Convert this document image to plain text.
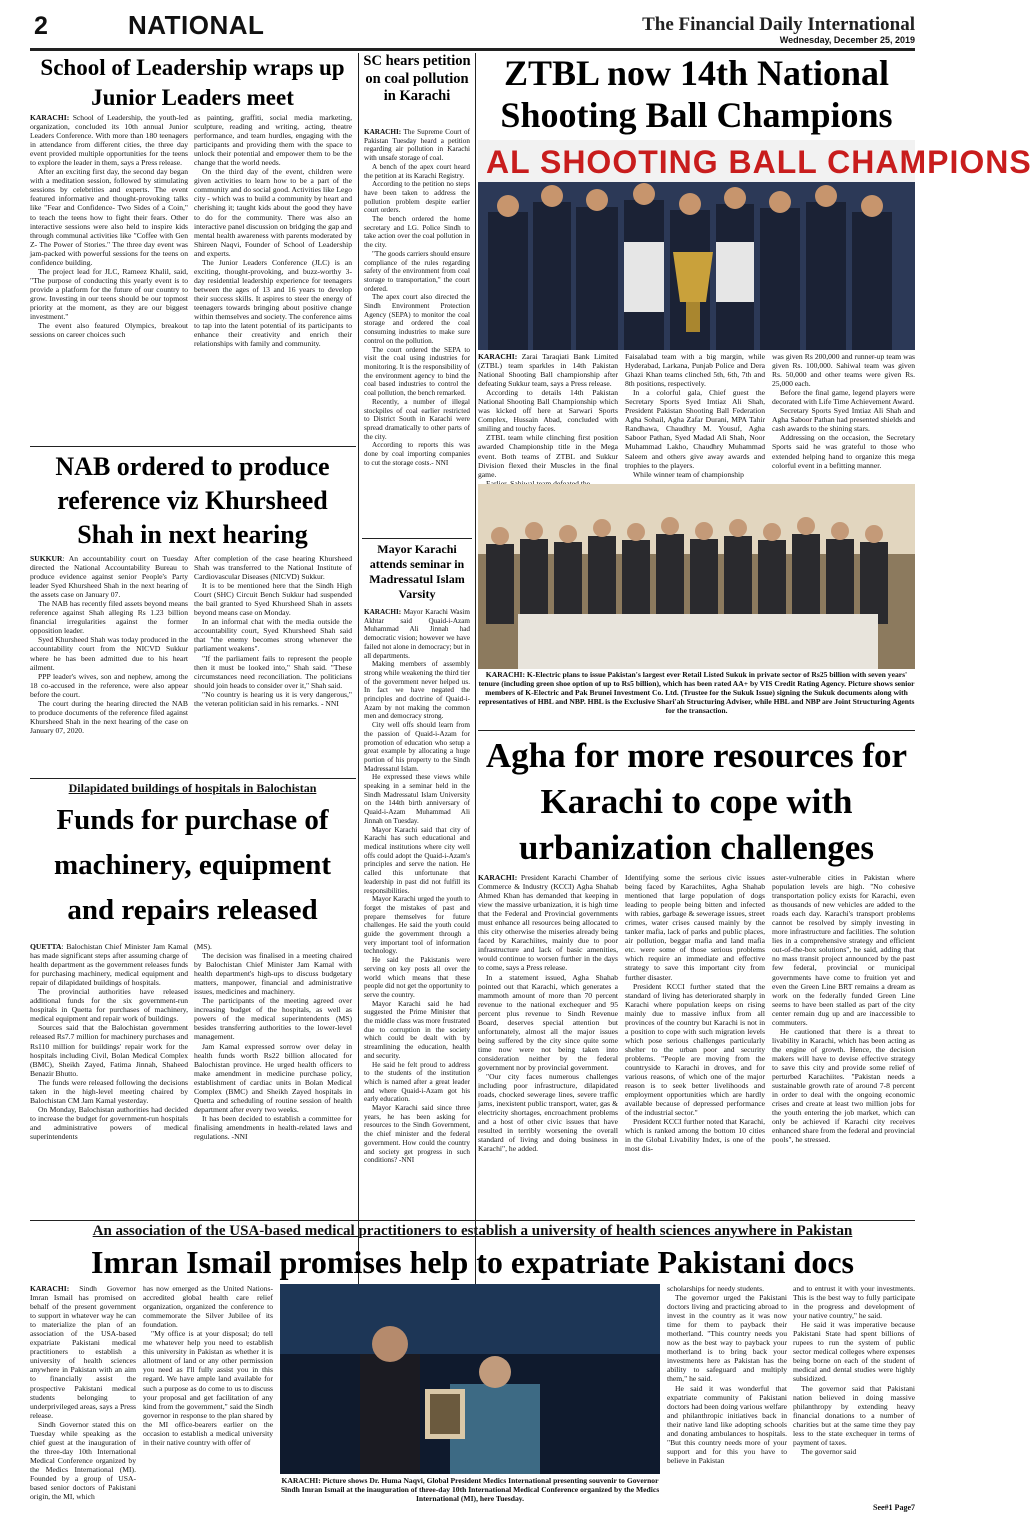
2	NATIONAL	The Financial Daily International
Wednesday, December 25, 2019
School of Leadership wraps up Junior Leaders meet
KARACHI: School of Leadership, the youth-led organization, concluded its 10th annual Junior Leaders Conference. With more than 180 teenagers in attendance from different cities, the three day event provided multiple opportunities for the teens to explore the leader in them, says a Press release.

After an exciting first day, the second day began with a meditation session, followed by stimulating sessions by celebrities and experts. The event featured informative and thought-provoking talks like "Fear and Confidence- Two Sides of a Coin," to teach the teens how to fight their fears. Other interactive sessions were also held to inspire kids through communal activities like "Coffee with Gen Z- The Power of Stories." The three day event was jam-packed with powerful sessions for the teens on confidence building.

The project lead for JLC, Rameez Khalil, said, "The purpose of conducting this yearly event is to provide a platform for the future of our country to grow. Investing in our teens should be our topmost priority at the moment, as they are our biggest investment."

The event also featured Olympics, breakout sessions on career choices such

as painting, graffiti, social media marketing, sculpture, reading and writing, acting, theatre performance, and team hurdles, engaging with the participants and providing them with the space to unlock their potential and empower them to be the change that the world needs.

On the third day of the event, children were given activities to learn how to be a part of the community and do social good. Activities like Lego city - which was to build a community by heart and cherishing it; taught kids about the good they have to do for the community. There was also an interactive panel discussion on bridging the gap and mental health awareness with parents moderated by Shireen Naqvi, Founder of School of Leadership and experts.

The Junior Leaders Conference (JLC) is an exciting, thought-provoking, and buzz-worthy 3-day residential leadership experience for teenagers between the ages of 13 and 16 years to develop their success skills. It aspires to steer the energy of teenagers towards bringing about positive change within themselves and society. The conference aims to tap into the latent potential of its participants to enhance their creativity and enrich their relationships with family and community.

SC hears petition on coal pollution in Karachi
KARACHI: The Supreme Court of Pakistan Tuesday heard a petition regarding air pollution in Karachi with unsafe storage of coal.

A bench of the apex court heard the petition at its Karachi Registry.

According to the petition no steps have been taken to address the pollution problem despite earlier court orders.

The bench ordered the home secretary and I.G. Police Sindh to take action over the coal pollution in the city.

"The goods carriers should ensure compliance of the rules regarding safety of the environment from coal storage to transportation," the court ordered.

The apex court also directed the Sindh Environment Protection Agency (SEPA) to monitor the coal storage and ordered the coal consuming industries to make sure control on the pollution.

The court ordered the SEPA to visit the coal using industries for monitoring. It is the responsibility of the environment agency to bind the coal based industries to control the coal pollution, the bench remarked.

Recently, a number of illegal stockpiles of coal earlier restricted to District South in Karachi were spread dramatically to other parts of the city.

According to reports this was done by coal importing companies to cut the storage costs.- NNI

Mayor Karachi attends seminar in Madressatul Islam Varsity
KARACHI: Mayor Karachi Wasim Akhtar said Quaid-i-Azam Muhammad Ali Jinnah had democratic vision; however we have failed not alone in democracy; but in all departments.

Making members of assembly strong while weakening the third tier of the government never helped us. In fact we have negated the principles and doctrine of Quaid-i-Azam by not making the common men and democracy strong.

City well offs should learn from the passion of Quaid-i-Azam for promotion of education who setup a great example by allocating a huge portion of his property to the Sindh Madressatul Islam.

He expressed these views while speaking in a seminar held in the Sindh Madressatul Islam University on the 144th birth anniversary of Quaid-i-Azam Muhammad Ali Jinnah on Tuesday.

Mayor Karachi said that city of Karachi has such educational and medical institutions where city well offs could adopt the Quaid-i-Azam's principles and serve the nation. He called this unfortunate that leadership in past did not fulfill its responsibilities.

Mayor Karachi urged the youth to forget the mistakes of past and prepare themselves for future challenges. He said the youth could guide the government through a very important tool of information technology.

He said the Pakistanis were serving on key posts all over the world which means that these people did not get the opportunity to serve the country.

Mayor Karachi said he had suggested the Prime Minister that the middle class was more frustrated due to corruption in the society which could be dealt with by streamlining the education, health and security.

He said he felt proud to address to the students of the institution which is named after a great leader and where Quaid-i-Azam got his early education.

Mayor Karachi said since three years, he has been asking for resources to the Sindh Government, the chief minister and the federal government. How could the country and society get progress in such conditions? -NNI

ZTBL now 14th National Shooting Ball Champions
AL SHOOTING BALL CHAMPIONS
KARACHI: Zarai Taraqiati Bank Limited (ZTBL) team sparkles in 14th Pakistan National Shooting Ball championship after defeating Sukkur team, says a Press release.

According to details 14th Pakistan National Shooting Ball Championship which was kicked off here at Sarwari Sports Complex, Hussain Abad, concluded with smiling and touchy faces.

ZTBL team while clinching first position awarded Championship title in the Mega event. Both teams of ZTBL and Sukkur Division flexed their Muscles in the final game.

Faisalabad team with a big margin, while Hyderabad, Larkana, Punjab Police and Dera Ghazi Khan teams clinched 5th, 6th, 7th and 8th positions, respectively.

In a colorful gala, Chief guest the Secretary Sports Syed Imtiaz Ali Shah, President Pakistan Shooting Ball Federation Agha Sohail, Agha Zafar Durani, MPA Tahir Randhawa, Chaudhry M. Yousuf, Agha Saboor Pathan, Syed Madad Ali Shah, Noor Muhammad Lakho, Chaudhry Muhammad Saleem and others give away awards and trophies to the players.

While winner team of championship

was given Rs 200,000 and runner-up team was given Rs. 100,000. Sahiwal team was given Rs. 50,000 and other teams were given Rs. 25,000 each.

Before the final game, legend players were decorated with Life Time Achievement Award.

Secretary Sports Syed Imtiaz Ali Shah and Agha Saboor Pathan had presented shields and cash awards to the shining stars.

Addressing on the occasion, the Secretary Sports said he was grateful to those who extended helping hand to organize this mega colorful event in a befitting manner.

KARACHI: K-Electric plans to issue Pakistan's largest ever Retail Listed Sukuk in private sector of Rs25 billion with seven years' tenure (including green shoe option of up to Rs5 billion), which has been rated AA+ by VIS Credit Rating Agency. Picture shows senior members of K-Electric and Pak Brunei Investment Co. Ltd. (Trustee for the Sukuk Issue) signing the Sukuk documents along with representatives of HBL and NBP. HBL is the Exclusive Shari'ah Structuring Adviser, while HBL and NBP are Joint Structuring Agents for the transaction.
Agha for more resources for Karachi to cope with urbanization challenges
KARACHI: President Karachi Chamber of Commerce & Industry (KCCI) Agha Shahab Ahmed Khan has demanded that keeping in view the massive urbanization, it is high time that the Federal and Provincial governments must enhance all resources being allocated to this city otherwise the miseries already being faced by Karachiites, mainly due to poor infrastructure and lack of basic amenities, would continue to worsen further in the days to come, says a Press release.

In a statement issued, Agha Shahab pointed out that Karachi, which generates a mammoth amount of more than 70 percent revenue to the national exchequer and 95 percent plus revenue to Sindh Revenue Board, deserves special attention but unfortunately, almost all the major issues being suffered by the city since quite some time now were not being taken into consideration neither by the federal government nor by provincial government.

"Our city faces numerous challenges including poor infrastructure, dilapidated roads, chocked sewerage lines, severe traffic jams, inexistent public transport, water, gas & electricity shortages, encroachment problems and a host of other civic issues that have resulted in terribly worsening the overall standard of living and doing business in Karachi", he added.

Identifying some the serious civic issues being faced by Karachiites, Agha Shahab mentioned that large population of dogs leading to people being bitten and infected with rabies, garbage & sewerage issues, street crimes, water crises caused mainly by the tanker mafia, lack of parks and public places, air pollution, beggar mafia and land mafia etc. were some of those serious problems which require an immediate and effective strategy to save this important city from further disaster.

President KCCI further stated that the standard of living has deteriorated sharply in Karachi where population keeps on rising mainly due to massive influx from all provinces of the country but Karachi is not in a position to cope with such migration levels which pose serious challenges particularly shelter to the urban poor and security problems. "People are moving from the countryside to Karachi in droves, and for various reasons, of which one of the major reason is to seek better livelihoods and employment opportunities which are hardly available because of depressed performance of the industrial sector."

President KCCI further noted that Karachi, which is ranked among the bottom 10 cities in the Global Livability Index, is one of the most dis-

aster-vulnerable cities in Pakistan where population levels are high. "No cohesive transportation policy exists for Karachi, even as thousands of new vehicles are added to the roads each day. Karachi's transport problems cannot be resolved by simply investing in more infrastructure and facilities. The solution lies in a comprehensive strategy and efficient out-of-the-box solutions", he said, adding that no mass transit project announced by the past few federal, provincial or municipal governments have come to fruition yet and even the Green Line BRT remains a dream as work on the federally funded Green Line seems to have been stalled as part of the city center remain dug up and are inaccessible to commuters.

He cautioned that there is a threat to livability in Karachi, which has been acting as the engine of growth. Hence, the decision makers will have to devise effective strategy to save this city and provide some relief of perturbed Karachiites. "Pakistan needs a sustainable growth rate of around 7-8 percent in order to deal with the ongoing economic crises and create at least two million jobs for the youth entering the job market, which can only be achieved if Karachi city receives enhanced share from the federal and provincial pools", he stressed.

NAB ordered to produce reference viz Khursheed Shah in next hearing
SUKKUR: An accountability court on Tuesday directed the National Accountability Bureau to produce evidence against senior People's Party leader Syed Khursheed Shah in the next hearing of the assets case on January 07.

The NAB has recently filed assets beyond means reference against Shah alleging Rs 1.23 billion financial irregularities against the former opposition leader.

Syed Khursheed Shah was today produced in the accountability court from the NICVD Sukkur where he has been admitted due to his heart ailment.

PPP leader's wives, son and nephew, among the 18 co-accused in the reference, were also appear before the court.

The court during the hearing directed the NAB to produce documents of the reference filed against Khursheed Shah in the next hearing of the case on January 07, 2020.

After completion of the case hearing Khursheed Shah was transferred to the National Institute of Cardiovascular Diseases (NICVD) Sukkur.

It is to be mentioned here that the Sindh High Court (SHC) Circuit Bench Sukkur had suspended the bail granted to Syed Khursheed Shah in assets beyond means case on Monday.

In an informal chat with the media outside the accountability court, Syed Khursheed Shah said that "the enemy becomes strong whenever the parliament weakens".

"If the parliament fails to represent the people then it must be looked into," Shah said. "These circumstances need reconciliation. The politicians should join heads to consider over it," Shah said.

"No country is hearing us it is very dangerous," the veteran politician said in his remarks. - NNI

Dilapidated buildings of hospitals in Balochistan
Funds for purchase of machinery, equipment and repairs released
QUETTA: Balochistan Chief Minister Jam Kamal has made significant steps after assuming charge of health department as the government releases funds for purchasing machinery, medical equipment and repair of dilapidated buildings of hospitals.

The provincial authorities have released additional funds for the six government-run hospitals in Quetta for purchases of machinery, medical equipment and repair work of buildings.

Sources said that the Balochistan government released Rs7.7 million for machinery purchases and Rs110 million for buildings' repair work for the hospitals including Civil, Bolan Medical Complex (BMC), Sheikh Zayed, Fatima Jinnah, Shaheed Benazir Bhutto.

The funds were released following the decisions taken in the high-level meeting chaired by Balochistan CM Jam Kamal yesterday.

On Monday, Balochistan authorities had decided to increase the budget for government-run hospitals and administrative powers of medical superintendents

(MS).

The decision was finalised in a meeting chaired by Balochistan Chief Minister Jam Kamal with health department's high-ups to discuss budgetary matters, manpower, financial and administrative issues, medicines and machinery.

The participants of the meeting agreed over increasing budget of the hospitals, as well as powers of the medical superintendents (MS) besides transferring authorities to the lower-level management.

Jam Kamal expressed sorrow over delay in health funds worth Rs22 billion allocated for Balochistan province. He urged health officers to make amendment in medicine purchase policy, establishment of cardiac units in Bolan Medical Complex (BMC) and Sheikh Zayed hospitals in Quetta and scheduling of routine session of health department after every two weeks.

It has been decided to establish a committee for finalising amendments in health-related laws and regulations. -NNI

An association of the USA-based medical practitioners to establish a university of health sciences anywhere in Pakistan
Imran Ismail promises help to expatriate Pakistani docs
KARACHI: Sindh Governor Imran Ismail has promised on behalf of the present government to support in whatever way he can to materialize the plan of an association of the USA-based expatriate Pakistani medical practitioners to establish a university of health sciences anywhere in Pakistan with an aim to financially assist the prospective Pakistani medical students belonging to underprivileged areas, says a Press release.

Sindh Governor stated this on Tuesday while speaking as the chief guest at the inauguration of the three-day 10th International Medical Conference organized by the Medics International (MI). Founded by a group of USA-based senior doctors of Pakistani origin, the MI, which

has now emerged as the United Nations-accredited global health care relief organization, organized the conference to commemorate the Silver Jubilee of its foundation.

"My office is at your disposal; do tell me whatever help you need to establish this university in Pakistan as whether it is allotment of land or any other permission you need as I'll fully assist you in this regard. We have ample land available for such a purpose as do come to us to discuss your proposal and get facilitation of any kind from the government," said the Sindh governor in response to the plan shared by the MI office-bearers earlier on the occasion to establish a medical university in their native country with offer of

KARACHI: Picture shows Dr. Huma Naqvi, Global President Medics International presenting souvenir to Governor Sindh Imran Ismail at the inauguration of three-day 10th International Medical Conference organized by the Medics International (MI), here Tuesday.
scholarships for needy students.

The governor urged the Pakistani doctors living and practicing abroad to invest in the country as it was now time for them to payback their motherland. "This country needs you now as the best way to payback your motherland is to bring back your investments here as Pakistan has the ability to safeguard and multiply them," he said.

He said it was wonderful that expatriate community of Pakistani doctors had been doing various welfare and philanthropic initiatives back in their native land like adopting schools and donating ambulances to hospitals. "But this country needs more of your support and for this you have to believe in Pakistan

and to entrust it with your investments. This is the best way to fully participate in the progress and development of your native country," he said.

He said it was imperative because Pakistani State had spent billions of rupees to run the system of public sector medical colleges where expenses being borne on each of the student of medical and dental studies were highly subsidized.

The governor said that Pakistani nation believed in doing massive philanthropy by extending heavy financial donations to a number of charities but at the same time they pay less to the state exchequer in terms of payment of taxes.

The governor said

See#1 Page7
